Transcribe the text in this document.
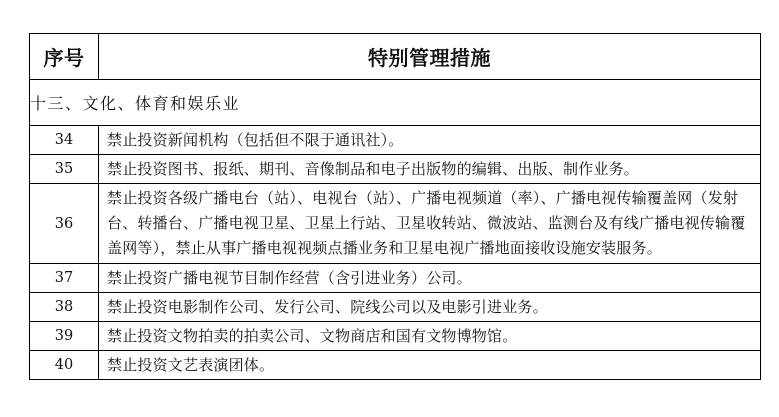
序号	特别管理措施
十三、文化、体育和娱乐业	
34	禁止投资新闻机构（包括但不限于通讯社）。
35	禁止投资图书、报纸、期刊、音像制品和电子出版物的编辑、出版、制作业务。
36	禁止投资各级广播电台（站）、电视台（站）、广播电视频道（率）、广播电视传输覆盖网（发射台、转播台、广播电视卫星、卫星上行站、卫星收转站、微波站、监测台及有线广播电视传输覆盖网等），禁止从事广播电视视频点播业务和卫星电视广播地面接收设施安装服务。
37	禁止投资广播电视节目制作经营（含引进业务）公司。
38	禁止投资电影制作公司、发行公司、院线公司以及电影引进业务。
39	禁止投资文物拍卖的拍卖公司、文物商店和国有文物博物馆。
40	禁止投资文艺表演团体。
